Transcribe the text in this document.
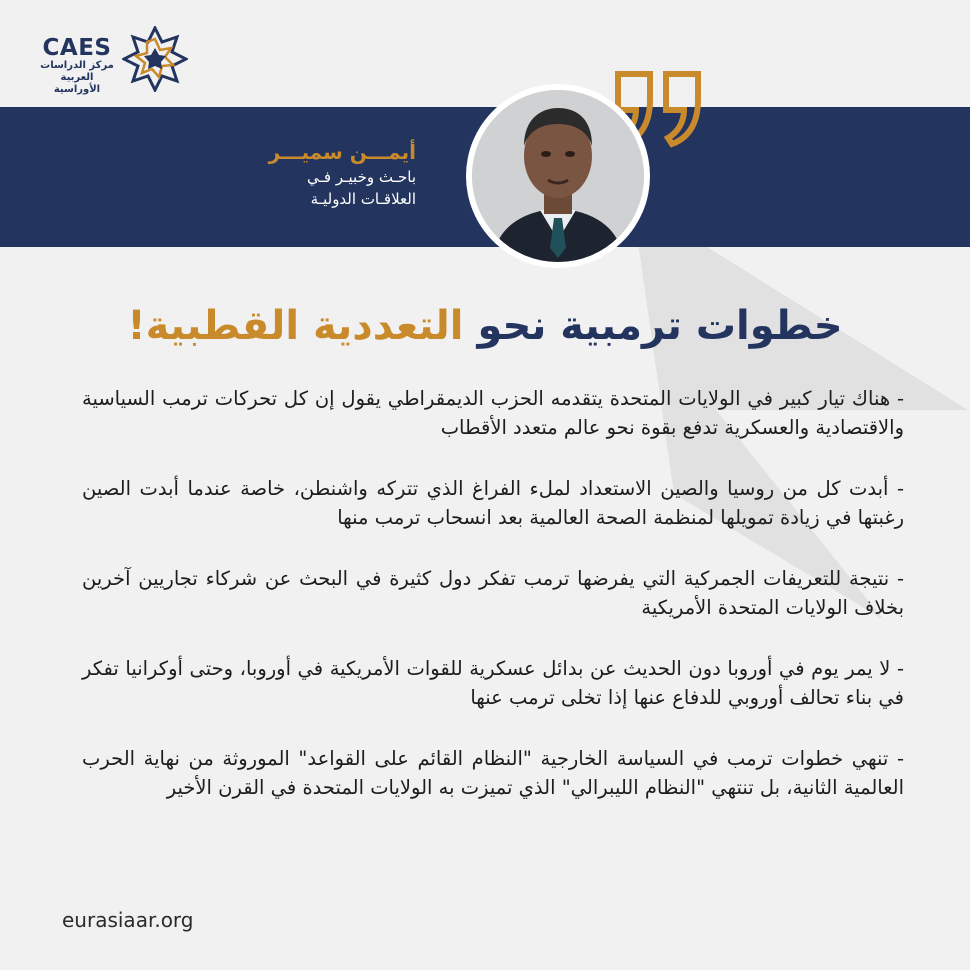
CAES
مركز الدراسات
العربية الأوراسية
أيمـــن سميـــر
باحـث وخبيـر فـي
العلاقـات الدوليـة
خطوات ترمبية نحو التعددية القطبية!

- هناك تيار كبير في الولايات المتحدة يتقدمه الحزب الديمقراطي يقول إن كل تحركات ترمب السياسية والاقتصادية والعسكرية تدفع بقوة نحو عالم متعدد الأقطاب

- أبدت كل من روسيا والصين الاستعداد لملء الفراغ الذي تتركه واشنطن، خاصة عندما أبدت الصين رغبتها في زيادة تمويلها لمنظمة الصحة العالمية بعد انسحاب ترمب منها

- نتيجة للتعريفات الجمركية التي يفرضها ترمب تفكر دول كثيرة في البحث عن شركاء تجاريين آخرين بخلاف الولايات المتحدة الأمريكية

- لا يمر يوم في أوروبا دون الحديث عن بدائل عسكرية للقوات الأمريكية في أوروبا، وحتى أوكرانيا تفكر في بناء تحالف أوروبي للدفاع عنها إذا تخلى ترمب عنها

- تنهي خطوات ترمب في السياسة الخارجية "النظام القائم على القواعد" الموروثة من نهاية الحرب العالمية الثانية، بل تنتهي "النظام الليبرالي" الذي تميزت به الولايات المتحدة في القرن الأخير

eurasiaar.org
